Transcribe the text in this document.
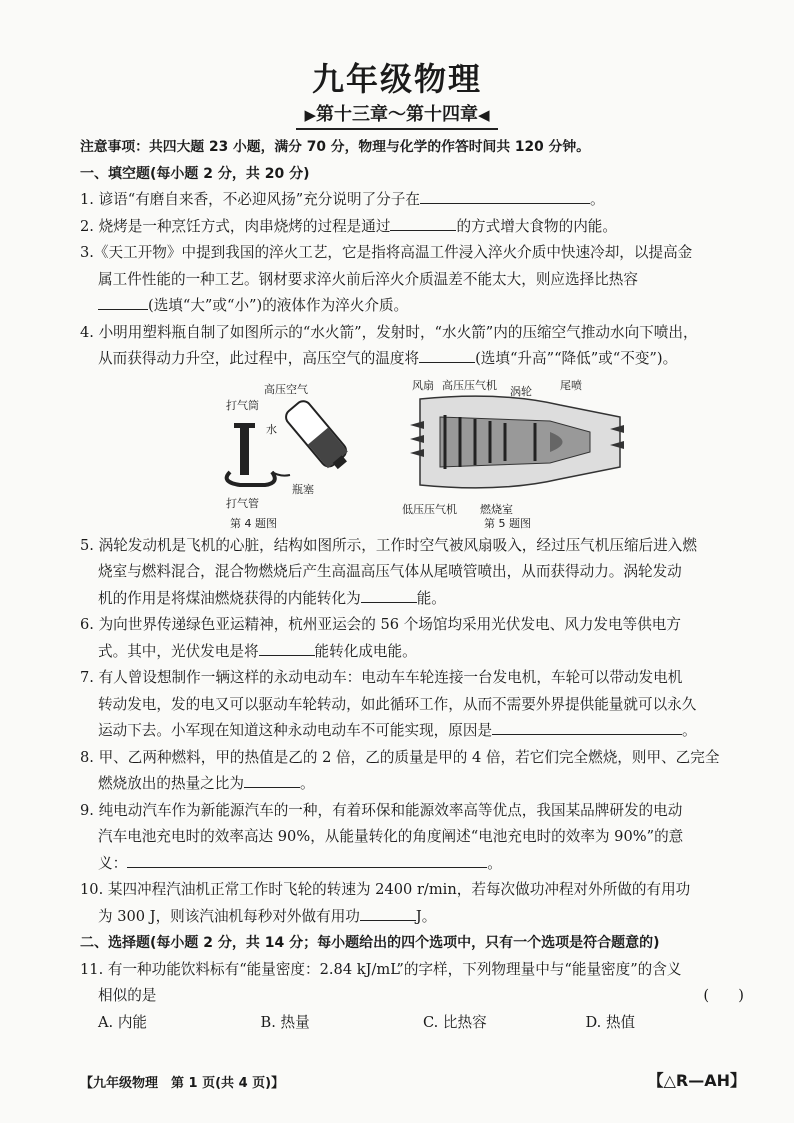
九年级物理
▶第十三章～第十四章◀

注意事项：共四大题 23 小题，满分 70 分，物理与化学的作答时间共 120 分钟。

一、填空题(每小题 2 分，共 20 分)

1. 谚语“有磨自来香，不必迎风扬”充分说明了分子在	。

2. 烧烤是一种烹饪方式，肉串烧烤的过程是通过	的方式增大食物的内能。

3.《天工开物》中提到我国的淬火工艺，它是指将高温工件浸入淬火介质中快速冷却，以提高金

属工件性能的一种工艺。钢材要求淬火前后淬火介质温差不能太大，则应选择比热容

(选填“大”或“小”)的液体作为淬火介质。

4. 小明用塑料瓶自制了如图所示的“水火箭”，发射时，“水火箭”内的压缩空气推动水向下喷出，

从而获得动力升空，此过程中，高压空气的温度将	(选填“升高”“降低”或“不变”)。

高压空气
打气筒
水
瓶塞
打气管
第 4 题图
风扇 高压压气机 涡轮	尾喷
低压压气机 燃烧室
第 5 题图

5. 涡轮发动机是飞机的心脏，结构如图所示，工作时空气被风扇吸入，经过压气机压缩后进入燃

烧室与燃料混合，混合物燃烧后产生高温高压气体从尾喷管喷出，从而获得动力。涡轮发动

机的作用是将煤油燃烧获得的内能转化为	能。

6. 为向世界传递绿色亚运精神，杭州亚运会的 56 个场馆均采用光伏发电、风力发电等供电方

式。其中，光伏发电是将	能转化成电能。

7. 有人曾设想制作一辆这样的永动电动车：电动车车轮连接一台发电机，车轮可以带动发电机

转动发电，发的电又可以驱动车轮转动，如此循环工作，从而不需要外界提供能量就可以永久

运动下去。小军现在知道这种永动电动车不可能实现，原因是	。

8. 甲、乙两种燃料，甲的热值是乙的 2 倍，乙的质量是甲的 4 倍，若它们完全燃烧，则甲、乙完全

燃烧放出的热量之比为	。

9. 纯电动汽车作为新能源汽车的一种，有着环保和能源效率高等优点，我国某品牌研发的电动

汽车电池充电时的效率高达 90%，从能量转化的角度阐述“电池充电时的效率为 90%”的意

义：	。

10. 某四冲程汽油机正常工作时飞轮的转速为 2400 r/min，若每次做功冲程对外所做的有用功

为 300 J，则该汽油机每秒对外做有用功	J。

二、选择题(每小题 2 分，共 14 分；每小题给出的四个选项中，只有一个选项是符合题意的)

11. 有一种功能饮料标有“能量密度：2.84 kJ/mL”的字样，下列物理量中与“能量密度”的含义

相似的是	(　　)

A. 内能	B. 热量	C. 比热容	D. 热值
【九年级物理　第 1 页(共 4 页)】	【△R—AH】
